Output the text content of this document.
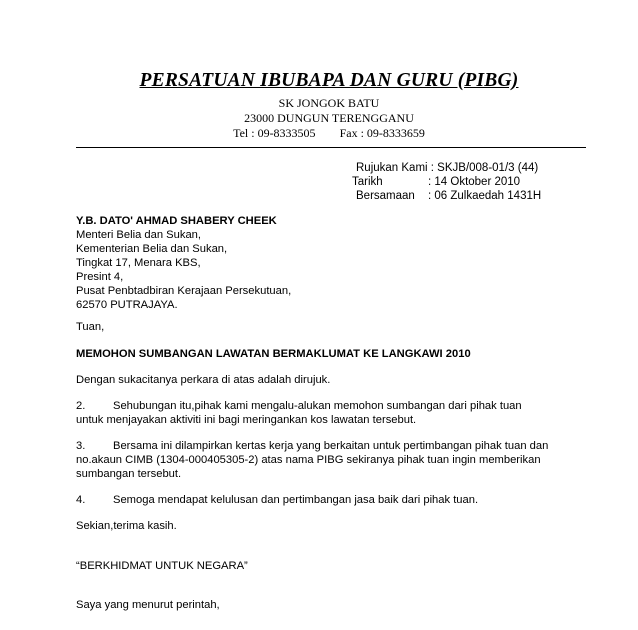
PERSATUAN IBUBAPA DAN GURU (PIBG)
SK JONGOK BATU
23000 DUNGUN TERENGGANU
Tel : 09-8333505 Fax : 09-8333659
Rujukan Kami : SKJB/008-01/3 (44)
Tarikh	: 14 Oktober 2010
Bersamaan : 06 Zulkaedah 1431H
Y.B. DATO' AHMAD SHABERY CHEEK
Menteri Belia dan Sukan,
Kementerian Belia dan Sukan,
Tingkat 17, Menara KBS,
Presint 4,
Pusat Penbtadbiran Kerajaan Persekutuan,
62570 PUTRAJAYA.
Tuan,
MEMOHON SUMBANGAN LAWATAN BERMAKLUMAT KE LANGKAWI 2010
Dengan sukacitanya perkara di atas adalah dirujuk.
2. Sehubungan itu,pihak kami mengalu-alukan memohon sumbangan dari pihak tuan
untuk menjayakan aktiviti ini bagi meringankan kos lawatan tersebut.
3. Bersama ini dilampirkan kertas kerja yang berkaitan untuk pertimbangan pihak tuan dan
no.akaun CIMB (1304-000405305-2) atas nama PIBG sekiranya pihak tuan ingin memberikan
sumbangan tersebut.
4. Semoga mendapat kelulusan dan pertimbangan jasa baik dari pihak tuan.
Sekian,terima kasih.
“BERKHIDMAT UNTUK NEGARA”
Saya yang menurut perintah,
